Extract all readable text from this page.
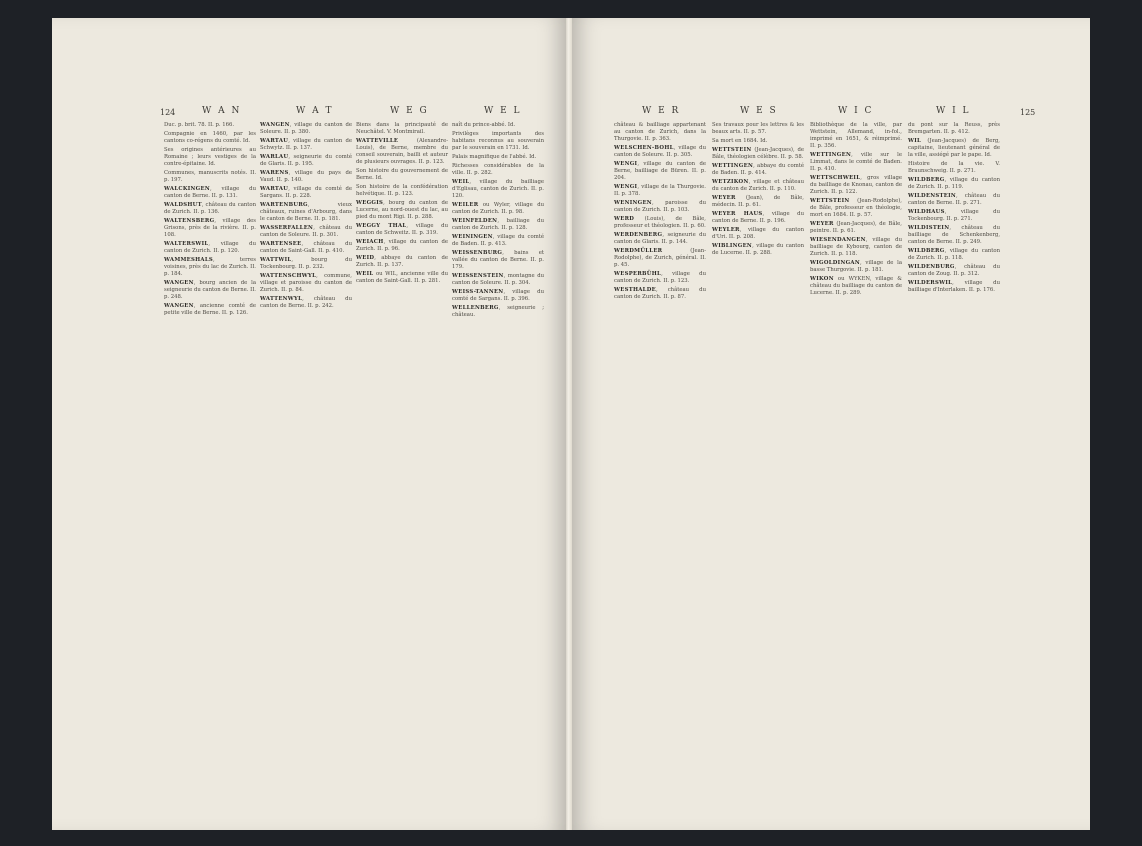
124	W A N	W A T	W E G	W E L

Duc. p. brit. 78. II. p. 166.

Compagnie en 1460, par les cantons co-régens du comté. Id.

Ses origines antérieures au Romaine ; leurs vestiges de la contre-épitaine. Id.

Communes, manuscrits notés. II. p. 197.

WALCKINGEN, village du canton de Berne. II. p. 131.

WALDSHUT, château du canton de Zurich. II. p. 136.

WALTENSBERG, village des Grisons, près de la rivière. II. p. 108.

WALTERSWIL, village du canton de Zurich. II. p. 120.

WAMMESHALS, terres voisines, près du lac de Zurich. II. p. 184.

WANGEN, bourg ancien de la seigneurie du canton de Berne. II. p. 248.

WANGEN, ancienne comté de petite ville de Berne. II. p. 126.

WANGEN, village du canton de Soleure. II. p. 380.

WARTAU, village du canton de Schwytz. II. p. 137.

WARLAU, seigneurie du comté de Glaris. II. p. 195.

WARENS, village du pays de Vaud. II. p. 140.

WARTAU, village du comté de Sargans. II. p. 228.

WARTENBURG, vieux châteaux, ruines d'Arbourg, dans le canton de Berne. II. p. 181.

WASSERFALLEN, château du canton de Soleure. II. p. 301.

WARTENSEE, château du canton de Saint-Gall. II. p. 410.

WATTWIL, bourg du Tockenbourg. II. p. 232.

WATTENSCHWYL, commune, village et paroisse du canton de Zurich. II. p. 84.

WATTENWYL, château du canton de Berne. II. p. 242.

Biens dans la principauté de Neuchâtel. V. Montmirail.

WATTEVILLE (Alexandre-Louis), de Berne, membre du conseil souverain, bailli et auteur de plusieurs ouvrages. II. p. 123.

Son histoire du gouvernement de Berne. Id.

Son histoire de la confédération helvétique. II. p. 123.

WEGGIS, bourg du canton de Lucerne, au nord-ouest du lac, au pied du mont Rigi. II. p. 288.

WEGGY THAL, village du canton de Schweitz. II. p. 319.

WEIACH, village du canton de Zurich. II. p. 96.

WEID, abbaye du canton de Zurich. II. p. 137.

WEIL ou WIL, ancienne ville du canton de Saint-Gall. II. p. 281.

naît du prince-abbé. Id.

Privilèges importants des habitans reconnus au souverain par le souverain en 1731. Id.

Palais magnifique de l'abbé. Id.

Richesses considérables de la ville. II. p. 282.

WEIL, village du bailliage d'Eglisau, canton de Zurich. II. p. 120.

WEILER ou Wyler, village du canton de Zurich. II. p. 98.

WEINFELDEN, bailliage du canton de Zurich. II. p. 128.

WEININGEN, village du comté de Baden. II. p. 413.

WEISSENBURG, bains et vallée du canton de Berne. II. p. 179.

WEISSENSTEIN, montagne du canton de Soleure. II. p. 304.

WEISS-TANNEN, village du comté de Sargans. II. p. 396.

WELLENBERG, seigneurie ; château.

W E R	W E S	W I C	W I L	125

château & bailliage appartenant au canton de Zurich, dans la Thurgovie. II. p. 363.

WELSCHEN-BOHL, village du canton de Soleure. II. p. 305.

WENGI, village du canton de Berne, bailliage de Büren. II. p. 204.

WENGI, village de la Thurgovie. II. p. 378.

WENINGEN, paroisse du canton de Zurich. II. p. 103.

WERD (Louis), de Bâle, professeur et théologien. II. p. 60.

WERDENBERG, seigneurie du canton de Glaris. II. p. 144.

WERDMÜLLER (Jean-Rodolphe), de Zurich, général. II. p. 45.

WESPERBÜHL, village du canton de Zurich. II. p. 123.

WESTHALDE, château du canton de Zurich. II. p. 87.

Ses travaux pour les lettres & les beaux arts. II. p. 57.

Sa mort en 1684. Id.

WETTSTEIN (Jean-Jacques), de Bâle, théologien célèbre. II. p. 58.

WETTINGEN, abbaye du comté de Baden. II. p. 414.

WETZIKON, village et château du canton de Zurich. II. p. 110.

WEYER (Jean), de Bâle, médecin. II. p. 61.

WEYER HAUS, village du canton de Berne. II. p. 196.

WEYLER, village du canton d'Uri. II. p. 208.

WIBLINGEN, village du canton de Lucerne. II. p. 288.

Bibliothèque de la ville, par Wettstein, Allemand, in-fol., imprimé en 1651, & réimprimé. II. p. 356.

WETTINGEN, ville sur le Limmat, dans le comté de Baden. II. p. 410.

WETTSCHWEIL, gros village du bailliage de Knonau, canton de Zurich. II. p. 122.

WETTSTEIN (Jean-Rodolphe), de Bâle, professeur en théologie, mort en 1684. II. p. 57.

WEYER (Jean-Jacques), de Bâle, peintre. II. p. 61.

WIESENDANGEN, village du bailliage de Kybourg, canton de Zurich. II. p. 118.

WIGOLDINGAN, village de la basse Thurgovie. II. p. 181.

WIKON ou WYKEN, village & château du bailliage du canton de Lucerne. II. p. 289.

du pont sur la Reuss, près Bremgarten. II. p. 412.

WIL (Jean-Jacques) de Berg, capitaine, lieutenant général de la ville, assiégé par le pape. Id.

Histoire de la vie. V. Braunschweig. II. p. 271.

WILDBERG, village du canton de Zurich. II. p. 119.

WILDENSTEIN, château du canton de Berne. II. p. 271.

WILDHAUS, village du Tockenbourg. II. p. 271.

WILDISTEIN, château du bailliage de Schenkenberg, canton de Berne. II. p. 249.

WILDBERG, village du canton de Zurich. II. p. 118.

WILDENBURG, château du canton de Zoug. II. p. 312.

WILDERSWIL, village du bailliage d'Interlaken. II. p. 176.
